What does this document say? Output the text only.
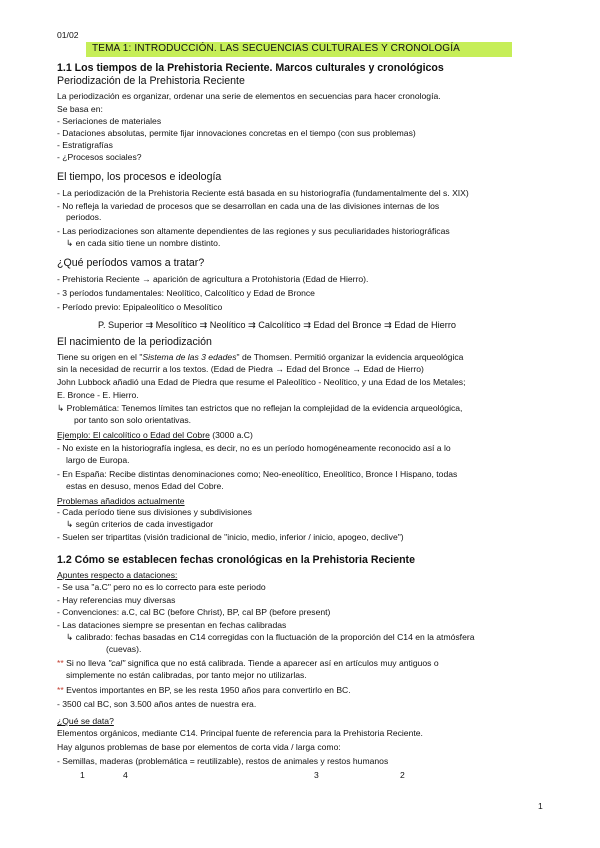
01/02
TEMA 1: INTRODUCCIÓN. LAS SECUENCIAS CULTURALES Y CRONOLOGÍA
1.1 Los tiempos de la Prehistoria Reciente. Marcos culturales y cronológicos
Periodización de la Prehistoria Reciente
La periodización es organizar, ordenar una serie de elementos en secuencias para hacer cronología.
Se basa en:
- Seriaciones de materiales
- Dataciones absolutas, permite fijar innovaciones concretas en el tiempo (con sus problemas)
- Estratigrafías
- ¿Procesos sociales?
El tiempo, los procesos e ideología
- La periodización de la Prehistoria Reciente está basada en su historiografía (fundamentalmente del s. XIX)
- No refleja la variedad de procesos que se desarrollan en cada una de las divisiones internas de los
periodos.
- Las periodizaciones son altamente dependientes de las regiones y sus peculiaridades historiográficas
↳ en cada sitio tiene un nombre distinto.
¿Qué períodos vamos a tratar?
- Prehistoria Reciente → aparición de agricultura a Protohistoria (Edad de Hierro).
- 3 períodos fundamentales: Neolítico, Calcolítico y Edad de Bronce
- Período previo: Epipaleolítico o Mesolítico
P. Superior ⇉ Mesolítico ⇉ Neolítico ⇉ Calcolítico ⇉ Edad del Bronce ⇉ Edad de Hierro
El nacimiento de la periodización
Tiene su origen en el "Sistema de las 3 edades" de Thomsen. Permitió organizar la evidencia arqueológica
sin la necesidad de recurrir a los textos. (Edad de Piedra → Edad del Bronce → Edad de Hierro)
John Lubbock añadió una Edad de Piedra que resume el Paleolítico - Neolítico, y una Edad de los Metales;
E. Bronce - E. Hierro.
↳ Problemática: Tenemos límites tan estrictos que no reflejan la complejidad de la evidencia arqueológica,
por tanto son solo orientativas.
Ejemplo: El calcolítico o Edad del Cobre (3000 a.C)
- No existe en la historiografía inglesa, es decir, no es un período homogéneamente reconocido así a lo
largo de Europa.
- En España: Recibe distintas denominaciones como; Neo-eneolítico, Eneolítico, Bronce I Hispano, todas
estas en desuso, menos Edad del Cobre.
Problemas añadidos actualmente
- Cada período tiene sus divisiones y subdivisiones
↳ según criterios de cada investigador
- Suelen ser tripartitas (visión tradicional de "inicio, medio, inferior / inicio, apogeo, declive")
1.2 Cómo se establecen fechas cronológicas en la Prehistoria Reciente
Apuntes respecto a dataciones:
- Se usa "a.C" pero no es lo correcto para este periodo
- Hay referencias muy diversas
- Convenciones: a.C, cal BC (before Christ), BP, cal BP (before present)
- Las dataciones siempre se presentan en fechas calibradas
↳ calibrado: fechas basadas en C14 corregidas con la fluctuación de la proporción del C14 en la atmósfera
(cuevas).
** Si no lleva "cal" significa que no está calibrada. Tiende a aparecer así en artículos muy antiguos o
simplemente no están calibradas, por tanto mejor no utilizarlas.
** Eventos importantes en BP, se les resta 1950 años para convertirlo en BC.
- 3500 cal BC, son 3.500 años antes de nuestra era.
¿Qué se data?
Elementos orgánicos, mediante C14. Principal fuente de referencia para la Prehistoria Reciente.
Hay algunos problemas de base por elementos de corta vida / larga como:
- Semillas, maderas (problemática = reutilizable), restos de animales y restos humanos
1	4	3	2
1
